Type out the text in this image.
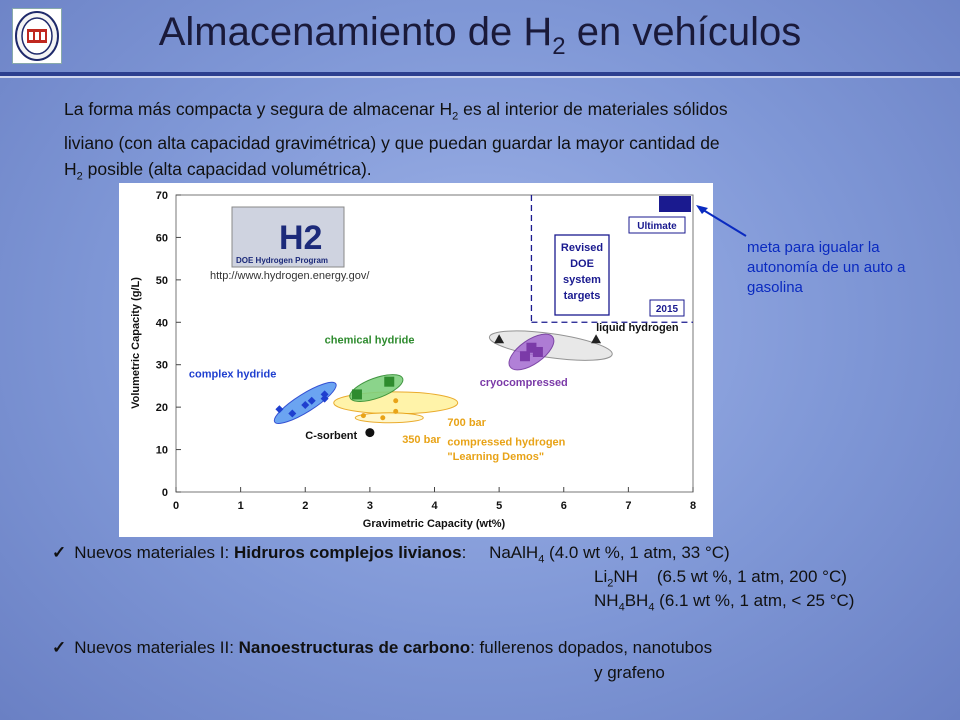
Almacenamiento de $H_2$ en vehículos
La forma más compacta y segura de almacenar $H_2$ es al interior de materiales sólidos
liviano (con alta capacidad gravimétrica) y que puedan guardar la mayor cantidad de
$H_2$ posible (alta capacidad volumétrica).
H2
DOE Hydrogen Program
Revised
DOE
system
targets
2015
Ultimate
0	1	2	3	4	5	6	7	8
0
10
20
30
40
50
60
70
complex hydride
chemical hydride
cryocompressed
liquid hydrogen
C-sorbent
700 bar
350 bar compressed hydrogen
"Learning Demos"
Gravimetric Capacity (wt%)
Volumetric Capacity (g/L)
http://www.hydrogen.energy.gov/
meta para igualar la autonomía de un auto a gasolina
✓ Nuevos materiales I: Hidruros complejos livianos: NaAlH$_4$ (4.0 wt %, 1 atm, 33 °C)
$Li_2NH$    (6.5 wt %, 1 atm, 200 °C)
$NH_4BH_4$ (6.1 wt %, 1 atm, < 25 °C)
✓ Nuevos materiales II: Nanoestructuras de carbono: fullerenos dopados, nanotubos
y grafeno
